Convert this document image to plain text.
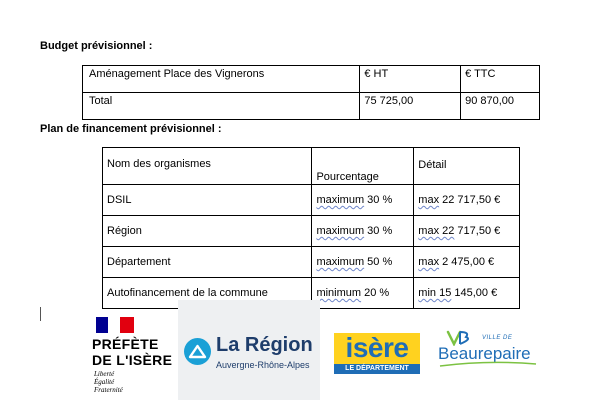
Budget prévisionnel :
Aménagement Place des Vignerons	€ HT	€ TTC
Total	75 725,00	90 870,00
Plan de financement prévisionnel :
Nom des organismes	Pourcentage	Détail
DSIL	maximum 30 %	max 22 717,50 €
Région	maximum 30 %	max 22 717,50 €
Département	maximum 50 %	max 2 475,00 €
Autofinancement de la commune	minimum 20 %	min 15 145,00 €
PRÉFÈTE
DE L'ISÈRE
Liberté
Égalité
Fraternité
La Région
Auvergne-Rhône-Alpes
isère
LE DÉPARTEMENT
VILLE DE
Beaurepaire
